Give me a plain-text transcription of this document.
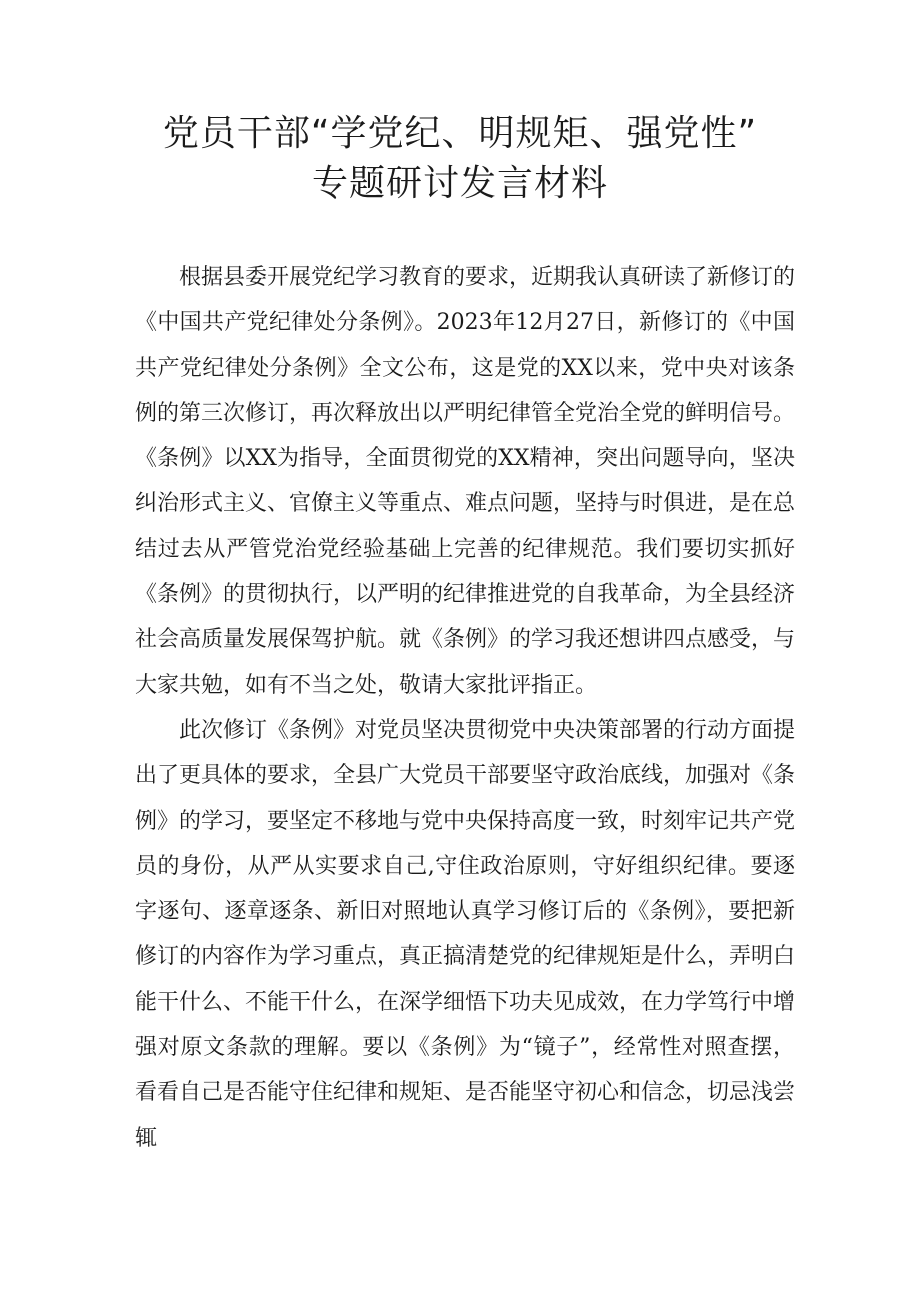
党员干部“学党纪、明规矩、强党性”
专题研讨发言材料

根据县委开展党纪学习教育的要求，近期我认真研读了新修订的《中国共产党纪律处分条例》。2023年12月27日，新修订的《中国共产党纪律处分条例》全文公布，这是党的XX以来，党中央对该条例的第三次修订，再次释放出以严明纪律管全党治全党的鲜明信号。《条例》以XX为指导，全面贯彻党的XX精神，突出问题导向，坚决纠治形式主义、官僚主义等重点、难点问题，坚持与时俱进，是在总结过去从严管党治党经验基础上完善的纪律规范。我们要切实抓好《条例》的贯彻执行，以严明的纪律推进党的自我革命，为全县经济社会高质量发展保驾护航。就《条例》的学习我还想讲四点感受，与大家共勉，如有不当之处，敬请大家批评指正。

此次修订《条例》对党员坚决贯彻党中央决策部署的行动方面提出了更具体的要求，全县广大党员干部要坚守政治底线，加强对《条例》的学习，要坚定不移地与党中央保持高度一致，时刻牢记共产党员的身份，从严从实要求自己,守住政治原则，守好组织纪律。要逐字逐句、逐章逐条、新旧对照地认真学习修订后的《条例》，要把新修订的内容作为学习重点，真正搞清楚党的纪律规矩是什么，弄明白能干什么、不能干什么，在深学细悟下功夫见成效，在力学笃行中增强对原文条款的理解。要以《条例》为“镜子”，经常性对照查摆，看看自己是否能守住纪律和规矩、是否能坚守初心和信念，切忌浅尝辄
